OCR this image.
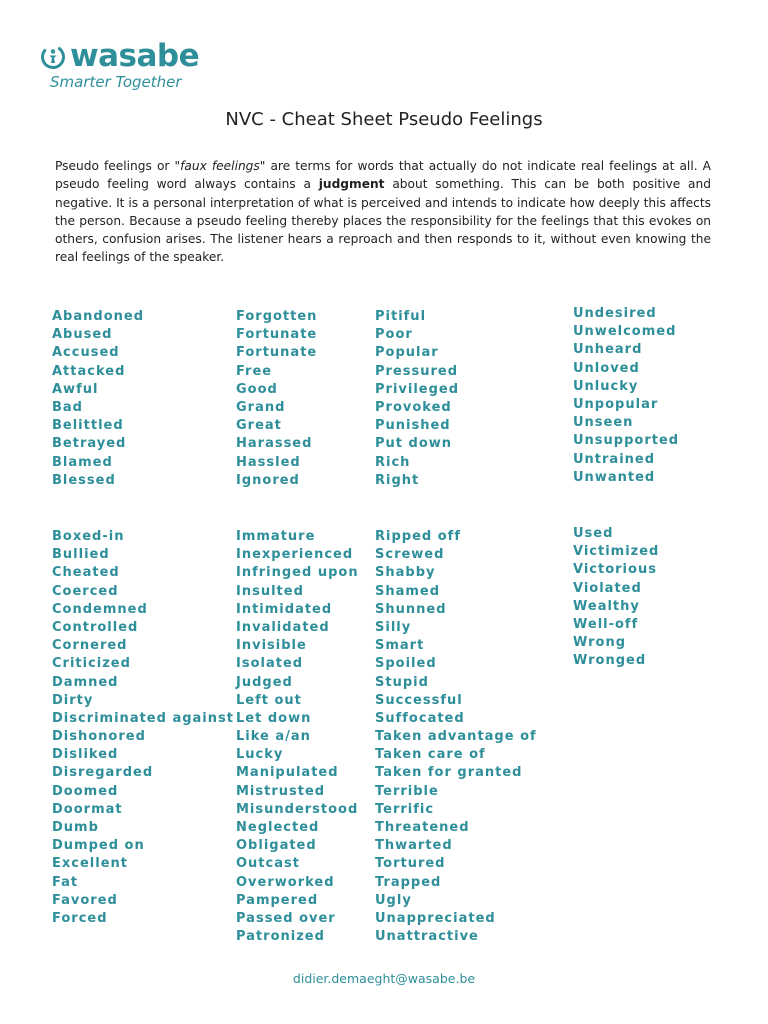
wasabe
Smarter Together
NVC - Cheat Sheet Pseudo Feelings

Pseudo feelings or "faux feelings" are terms for words that actually do not indicate real feelings at all. A pseudo feeling word always contains a judgment about something. This can be both positive and negative. It is a personal interpretation of what is perceived and intends to indicate how deeply this affects the person. Because a pseudo feeling thereby places the responsibility for the feelings that this evokes on others, confusion arises. The listener hears a reproach and then responds to it, without even knowing the real feelings of the speaker.

Abandoned
Abused
Accused
Attacked
Awful
Bad
Belittled
Betrayed
Blamed
Blessed
Forgotten
Fortunate
Fortunate
Free
Good
Grand
Great
Harassed
Hassled
Ignored
Pitiful
Poor
Popular
Pressured
Privileged
Provoked
Punished
Put down
Rich
Right
Undesired
Unwelcomed
Unheard
Unloved
Unlucky
Unpopular
Unseen
Unsupported
Untrained
Unwanted
Boxed-in
Bullied
Cheated
Coerced
Condemned
Controlled
Cornered
Criticized
Damned
Dirty
Discriminated against
Dishonored
Disliked
Disregarded
Doomed
Doormat
Dumb
Dumped on
Excellent
Fat
Favored
Forced
Immature
Inexperienced
Infringed upon
Insulted
Intimidated
Invalidated
Invisible
Isolated
Judged
Left out
Let down
Like a/an
Lucky
Manipulated
Mistrusted
Misunderstood
Neglected
Obligated
Outcast
Overworked
Pampered
Passed over
Patronized
Ripped off
Screwed
Shabby
Shamed
Shunned
Silly
Smart
Spoiled
Stupid
Successful
Suffocated
Taken advantage of
Taken care of
Taken for granted
Terrible
Terrific
Threatened
Thwarted
Tortured
Trapped
Ugly
Unappreciated
Unattractive
Used
Victimized
Victorious
Violated
Wealthy
Well-off
Wrong
Wronged
didier.demaeght@wasabe.be
